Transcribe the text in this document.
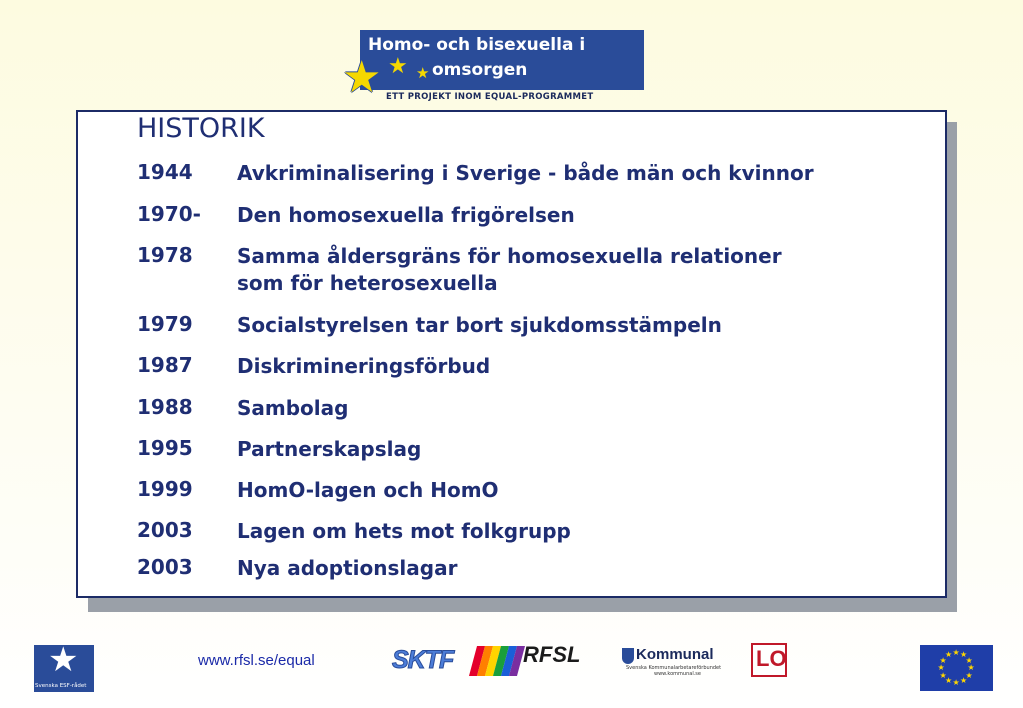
Homo- och bisexuella i
omsorgen
★ ★ ★
ETT PROJEKT INOM EQUAL-PROGRAMMET
HISTORIK
1944 Avkriminalisering i Sverige - både män och kvinnor
1970- Den homosexuella frigörelsen
1978 Samma åldersgräns för homosexuella relationer
som för heterosexuella
1979 Socialstyrelsen tar bort sjukdomsstämpeln
1987 Diskrimineringsförbud
1988 Sambolag
1995 Partnerskapslag
1999 HomO-lagen och HomO
2003 Lagen om hets mot folkgrupp
2003 Nya adoptionslagar
★
Svenska ESF-rådet
www.rfsl.se/equal	SKTF	RFSL	Kommunal
Svenska Kommunalarbetareförbundet
www.kommunal.se
LO	★ ★
★
★
★
★
★
★
★
★
★
★
